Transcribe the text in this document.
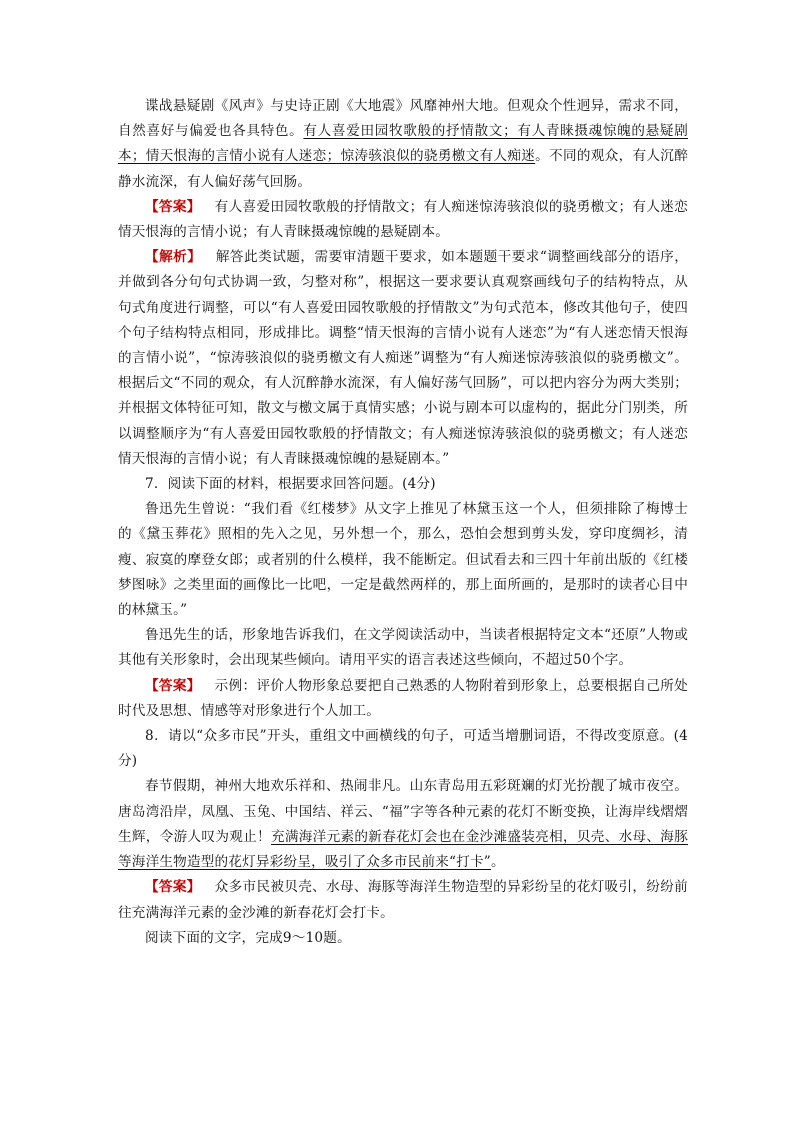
谍战悬疑剧《风声》与史诗正剧《大地震》风靡神州大地。但观众个性迥异，需求不同，自然喜好与偏爱也各具特色。有人喜爱田园牧歌般的抒情散文；有人青睐摄魂惊魄的悬疑剧本；情天恨海的言情小说有人迷恋；惊涛骇浪似的骁勇檄文有人痴迷。不同的观众，有人沉醉静水流深，有人偏好荡气回肠。

【答案】 有人喜爱田园牧歌般的抒情散文；有人痴迷惊涛骇浪似的骁勇檄文；有人迷恋情天恨海的言情小说；有人青睐摄魂惊魄的悬疑剧本。

【解析】 解答此类试题，需要审清题干要求，如本题题干要求“调整画线部分的语序，并做到各分句句式协调一致，匀整对称”，根据这一要求要认真观察画线句子的结构特点，从句式角度进行调整，可以“有人喜爱田园牧歌般的抒情散文”为句式范本，修改其他句子，使四个句子结构特点相同，形成排比。调整“情天恨海的言情小说有人迷恋”为“有人迷恋情天恨海的言情小说”，“惊涛骇浪似的骁勇檄文有人痴迷”调整为“有人痴迷惊涛骇浪似的骁勇檄文”。根据后文“不同的观众，有人沉醉静水流深，有人偏好荡气回肠”，可以把内容分为两大类别；并根据文体特征可知，散文与檄文属于真情实感；小说与剧本可以虚构的，据此分门别类，所以调整顺序为“有人喜爱田园牧歌般的抒情散文；有人痴迷惊涛骇浪似的骁勇檄文；有人迷恋情天恨海的言情小说；有人青睐摄魂惊魄的悬疑剧本。”

7．阅读下面的材料，根据要求回答问题。(4分)

鲁迅先生曾说：“我们看《红楼梦》从文字上推见了林黛玉这一个人，但须排除了梅博士的《黛玉葬花》照相的先入之见，另外想一个，那么，恐怕会想到剪头发，穿印度绸衫，清瘦、寂寞的摩登女郎；或者别的什么模样，我不能断定。但试看去和三四十年前出版的《红楼梦图咏》之类里面的画像比一比吧，一定是截然两样的，那上面所画的，是那时的读者心目中的林黛玉。”

鲁迅先生的话，形象地告诉我们，在文学阅读活动中，当读者根据特定文本“还原”人物或其他有关形象时，会出现某些倾向。请用平实的语言表述这些倾向，不超过50个字。

【答案】 示例：评价人物形象总要把自己熟悉的人物附着到形象上，总要根据自己所处时代及思想、情感等对形象进行个人加工。

8．请以“众多市民”开头，重组文中画横线的句子，可适当增删词语，不得改变原意。(4分)

春节假期，神州大地欢乐祥和、热闹非凡。山东青岛用五彩斑斓的灯光扮靓了城市夜空。唐岛湾沿岸，凤凰、玉兔、中国结、祥云、“福”字等各种元素的花灯不断变换，让海岸线熠熠生辉，令游人叹为观止！充满海洋元素的新春花灯会也在金沙滩盛装亮相，贝壳、水母、海豚等海洋生物造型的花灯异彩纷呈，吸引了众多市民前来“打卡”。

【答案】 众多市民被贝壳、水母、海豚等海洋生物造型的异彩纷呈的花灯吸引，纷纷前往充满海洋元素的金沙滩的新春花灯会打卡。

阅读下面的文字，完成9～10题。
